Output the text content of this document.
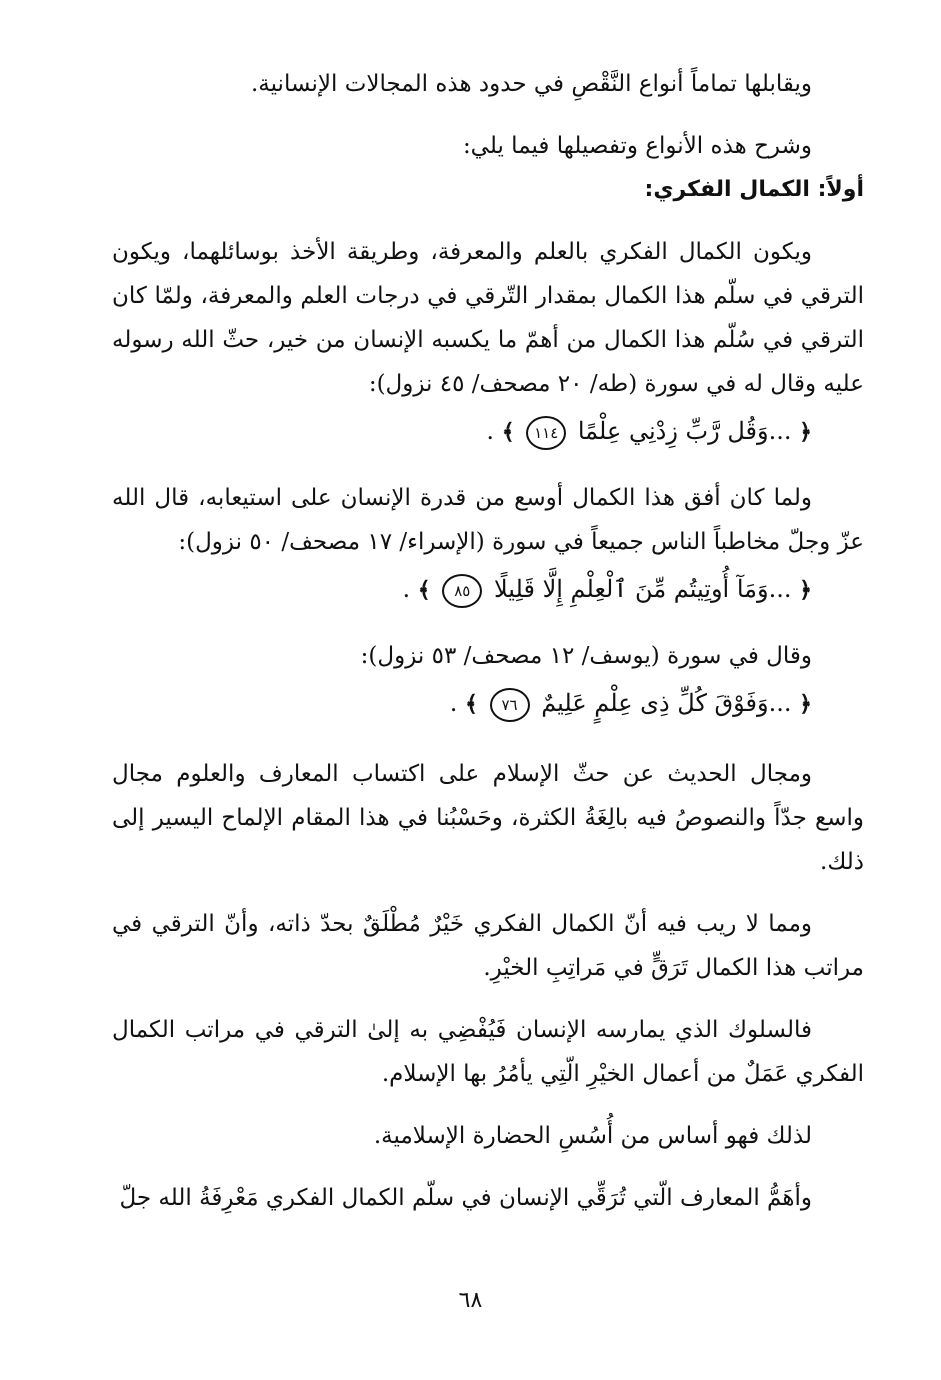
ويقابلها تماماً أنواع النَّقْصِ في حدود هذه المجالات الإنسانية.

وشرح هذه الأنواع وتفصيلها فيما يلي:

أولاً: الكمال الفكري:

ويكون الكمال الفكري بالعلم والمعرفة، وطريقة الأخذ بوسائلهما، ويكون الترقي في سلّم هذا الكمال بمقدار التّرقي في درجات العلم والمعرفة، ولمّا كان الترقي في سُلّم هذا الكمال من أهمّ ما يكسبه الإنسان من خير، حثّ الله رسوله عليه وقال له في سورة (طه/ ٢٠ مصحف/ ٤٥ نزول):

﴿ ...وَقُل رَّبِّ زِدْنِي عِلْمًا ١١٤ ﴾ .

ولما كان أفق هذا الكمال أوسع من قدرة الإنسان على استيعابه، قال الله عزّ وجلّ مخاطباً الناس جميعاً في سورة (الإسراء/ ١٧ مصحف/ ٥٠ نزول):

﴿ ...وَمَآ أُوتِيتُم مِّنَ ٱلْعِلْمِ إِلَّا قَلِيلًا ٨٥ ﴾ .

وقال في سورة (يوسف/ ١٢ مصحف/ ٥٣ نزول):

﴿ ...وَفَوْقَ كُلِّ ذِى عِلْمٍ عَلِيمٌ ٧٦ ﴾ .

ومجال الحديث عن حثّ الإسلام على اكتساب المعارف والعلوم مجال واسع جدّاً والنصوصُ فيه بالِغَةُ الكثرة، وحَسْبُنا في هذا المقام الإلماح اليسير إلى ذلك.

ومما لا ريب فيه أنّ الكمال الفكري خَيْرٌ مُطْلَقٌ بحدّ ذاته، وأنّ الترقي في مراتب هذا الكمال تَرَقٍّ في مَراتِبِ الخيْرِ.

فالسلوك الذي يمارسه الإنسان فَيُفْضِي به إلىٰ الترقي في مراتب الكمال الفكري عَمَلٌ من أعمال الخيْرِ الّتِي يأمُرُ بها الإسلام.

لذلك فهو أساس من أُسُسِ الحضارة الإسلامية.

وأهَمُّ المعارف الّتي تُرَقِّي الإنسان في سلّم الكمال الفكري مَعْرِفَةُ الله جلّ

٦٨
